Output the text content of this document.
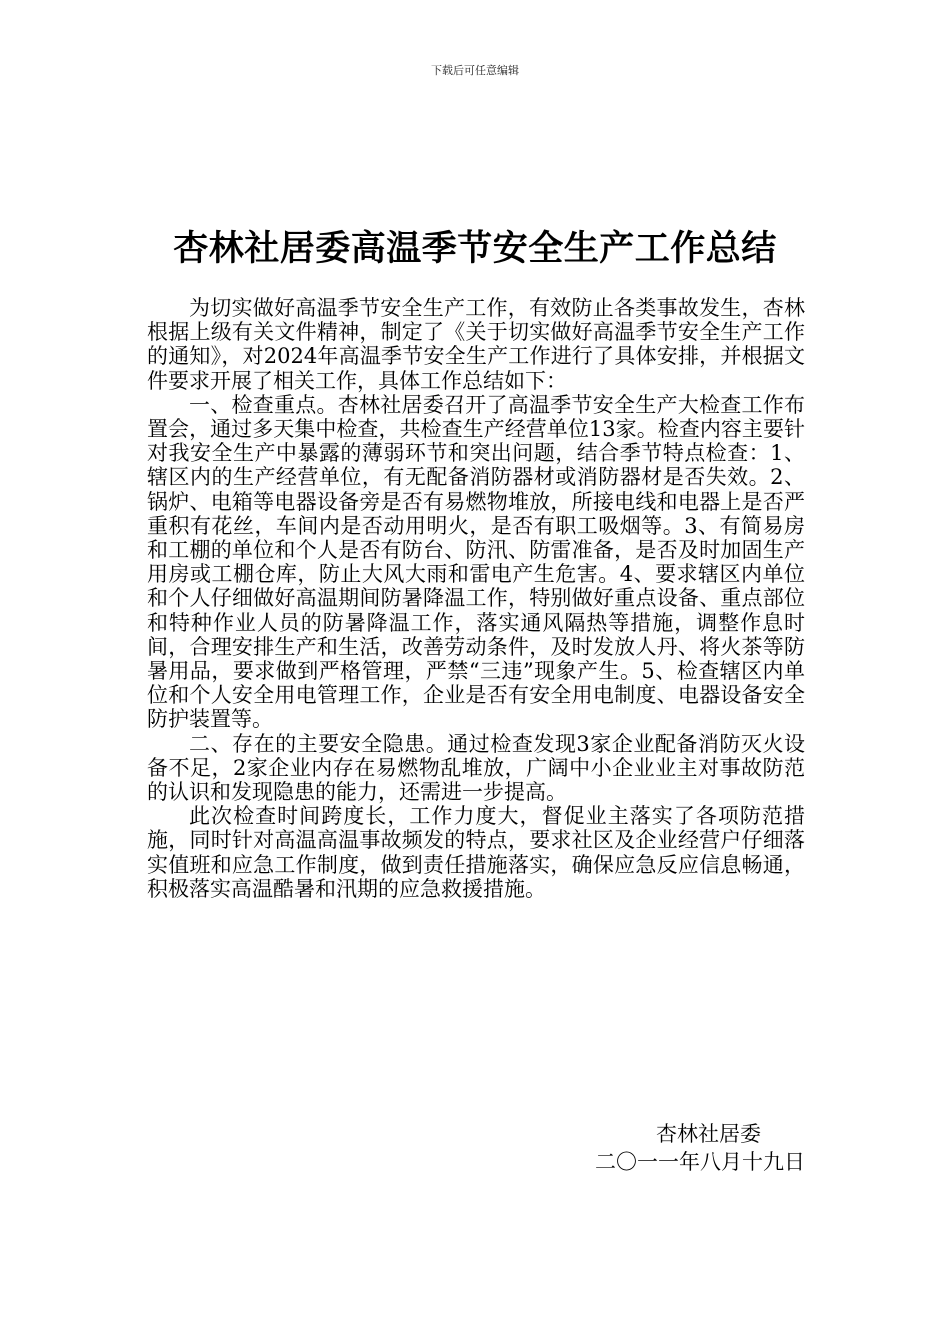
下载后可任意编辑
杏林社居委高温季节安全生产工作总结

为切实做好高温季节安全生产工作，有效防止各类事故发生，杏林根据上级有关文件精神，制定了《关于切实做好高温季节安全生产工作的通知》，对2024年高温季节安全生产工作进行了具体安排，并根据文件要求开展了相关工作，具体工作总结如下：

一、检查重点。杏林社居委召开了高温季节安全生产大检查工作布置会，通过多天集中检查，共检查生产经营单位13家。检查内容主要针对我安全生产中暴露的薄弱环节和突出问题，结合季节特点检查：1、辖区内的生产经营单位，有无配备消防器材或消防器材是否失效。2、锅炉、电箱等电器设备旁是否有易燃物堆放，所接电线和电器上是否严重积有花丝，车间内是否动用明火，是否有职工吸烟等。3、有简易房和工棚的单位和个人是否有防台、防汛、防雷准备，是否及时加固生产用房或工棚仓库，防止大风大雨和雷电产生危害。4、要求辖区内单位和个人仔细做好高温期间防暑降温工作，特别做好重点设备、重点部位和特种作业人员的防暑降温工作，落实通风隔热等措施，调整作息时间，合理安排生产和生活，改善劳动条件，及时发放人丹、将火茶等防暑用品，要求做到严格管理，严禁“三违”现象产生。5、检查辖区内单位和个人安全用电管理工作，企业是否有安全用电制度、电器设备安全防护装置等。

二、存在的主要安全隐患。通过检查发现3家企业配备消防灭火设备不足，2家企业内存在易燃物乱堆放，广阔中小企业业主对事故防范的认识和发现隐患的能力，还需进一步提高。

此次检查时间跨度长，工作力度大，督促业主落实了各项防范措施，同时针对高温高温事故频发的特点，要求社区及企业经营户仔细落实值班和应急工作制度，做到责任措施落实，确保应急反应信息畅通，积极落实高温酷暑和汛期的应急救援措施。

杏林社居委
二〇一一年八月十九日
